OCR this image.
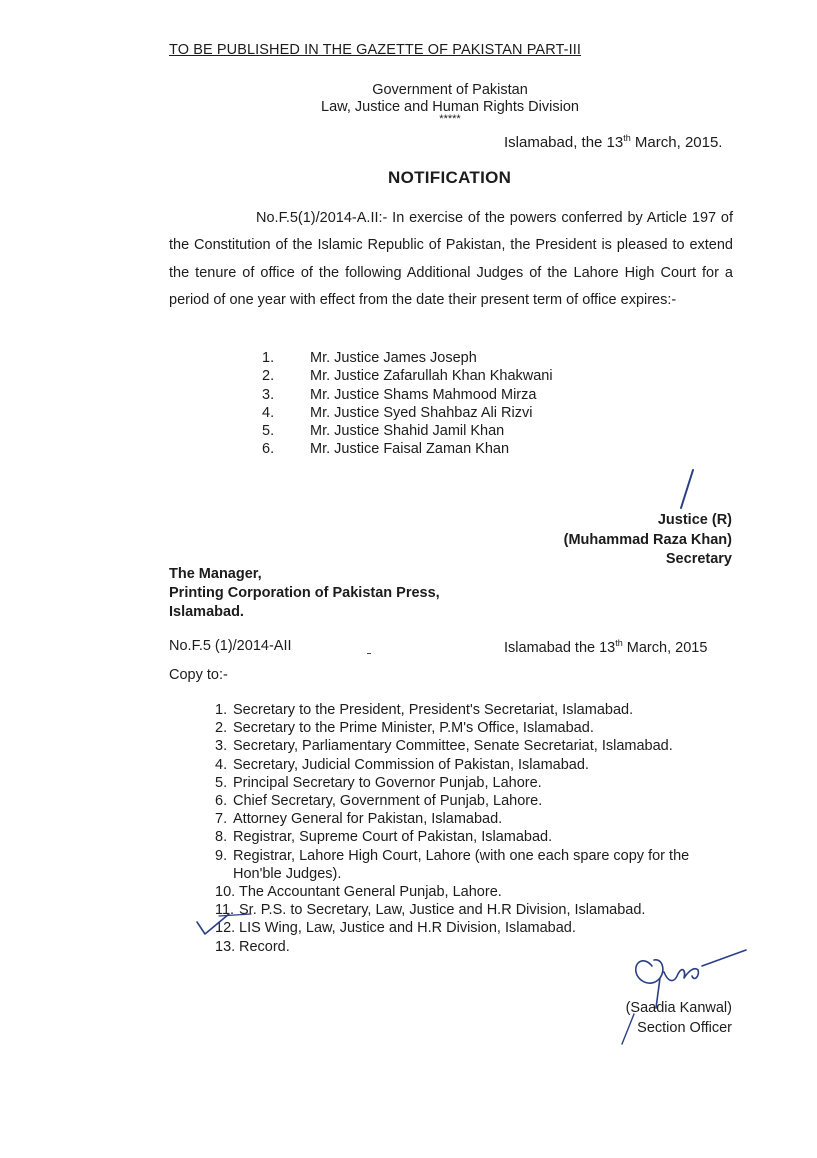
TO BE PUBLISHED IN THE GAZETTE OF PAKISTAN PART-III
Government of Pakistan
Law, Justice and Human Rights Division
*****
Islamabad, the 13th March, 2015.
NOTIFICATION
No.F.5(1)/2014-A.II:- In exercise of the powers conferred by Article 197 of the Constitution of the Islamic Republic of Pakistan, the President is pleased to extend the tenure of office of the following Additional Judges of the Lahore High Court for a period of one year with effect from the date their present term of office expires:-
1.	Mr. Justice James Joseph
2.	Mr. Justice Zafarullah Khan Khakwani
3.	Mr. Justice Shams Mahmood Mirza
4.	Mr. Justice Syed Shahbaz Ali Rizvi
5.	Mr. Justice Shahid Jamil Khan
6.	Mr. Justice Faisal Zaman Khan
Justice (R)
(Muhammad Raza Khan)
Secretary
The Manager,
Printing Corporation of Pakistan Press,
Islamabad.
No.F.5 (1)/2014-AII	Islamabad the 13th March, 2015
Copy to:-
1. Secretary to the President, President's Secretariat, Islamabad.
2. Secretary to the Prime Minister, P.M's Office, Islamabad.
3. Secretary, Parliamentary Committee, Senate Secretariat, Islamabad.
4. Secretary, Judicial Commission of Pakistan, Islamabad.
5. Principal Secretary to Governor Punjab, Lahore.
6. Chief Secretary, Government of Punjab, Lahore.
7. Attorney General for Pakistan, Islamabad.
8. Registrar, Supreme Court of Pakistan, Islamabad.
9. Registrar, Lahore High Court, Lahore (with one each spare copy for the Hon'ble Judges).
10. The Accountant General Punjab, Lahore.
11. Sr. P.S. to Secretary, Law, Justice and H.R Division, Islamabad.
12. LIS Wing, Law, Justice and H.R Division, Islamabad.
13. Record.
(Saadia Kanwal)
Section Officer
